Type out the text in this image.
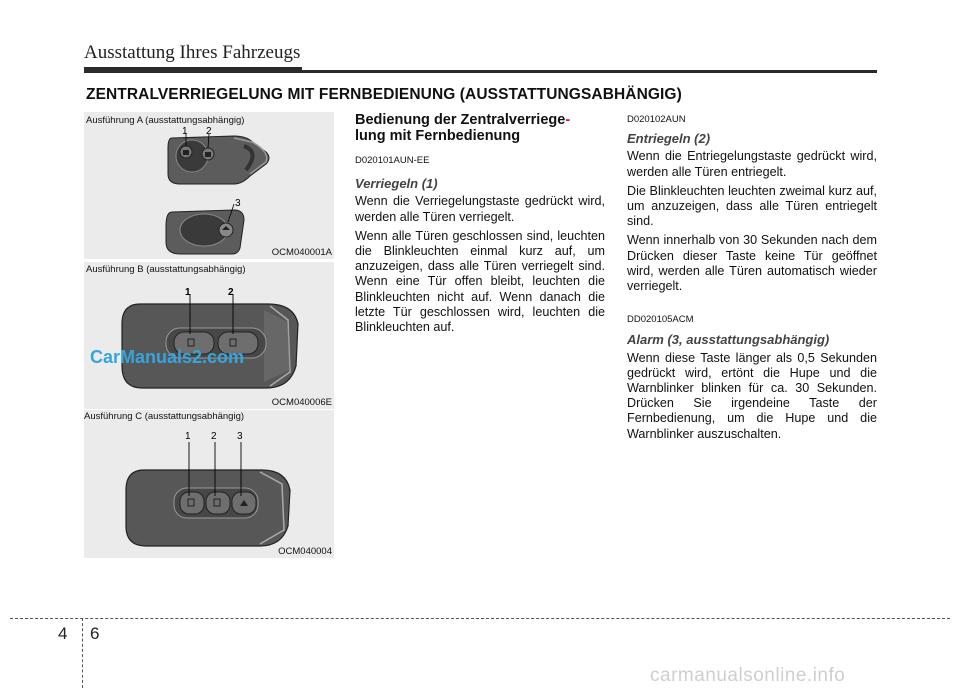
Ausstattung Ihres Fahrzeugs
ZENTRALVERRIEGELUNG MIT FERNBEDIENUNG (AUSSTATTUNGSABHÄNGIG)
Ausführung A (ausstattungsabhängig)
1 2
3
OCM040001A
Ausführung B (ausstattungsabhängig)
1	2
OCM040006E
Ausführung C (ausstattungsabhängig)
1 2 3
OCM040004
CarManuals2.com
Bedienung der Zentralverriege-
lung mit Fernbedienung
D020101AUN-EE
Verriegeln (1)

Wenn die Verriegelungstaste gedrückt wird, werden alle Türen verriegelt.

Wenn alle Türen geschlossen sind, leuchten die Blinkleuchten einmal kurz auf, um anzuzeigen, dass alle Türen verriegelt sind. Wenn eine Tür offen bleibt, leuchten die Blinkleuchten nicht auf. Wenn danach die letzte Tür geschlossen wird, leuchten die Blinkleuchten auf.

D020102AUN
Entriegeln (2)

Wenn die Entriegelungstaste gedrückt wird, werden alle Türen entriegelt.

Die Blinkleuchten leuchten zweimal kurz auf, um anzuzeigen, dass alle Türen entriegelt sind.

Wenn innerhalb von 30 Sekunden nach dem Drücken dieser Taste keine Tür geöffnet wird, werden alle Türen automatisch wieder verriegelt.

DD020105ACM
Alarm (3, ausstattungsabhängig)

Wenn diese Taste länger als 0,5 Sekunden gedrückt wird, ertönt die Hupe und die Warnblinker blinken für ca. 30 Sekunden. Drücken Sie irgendeine Taste der Fernbedienung, um die Hupe und die Warnblinker auszuschalten.

4 6
carmanualsonline.info
